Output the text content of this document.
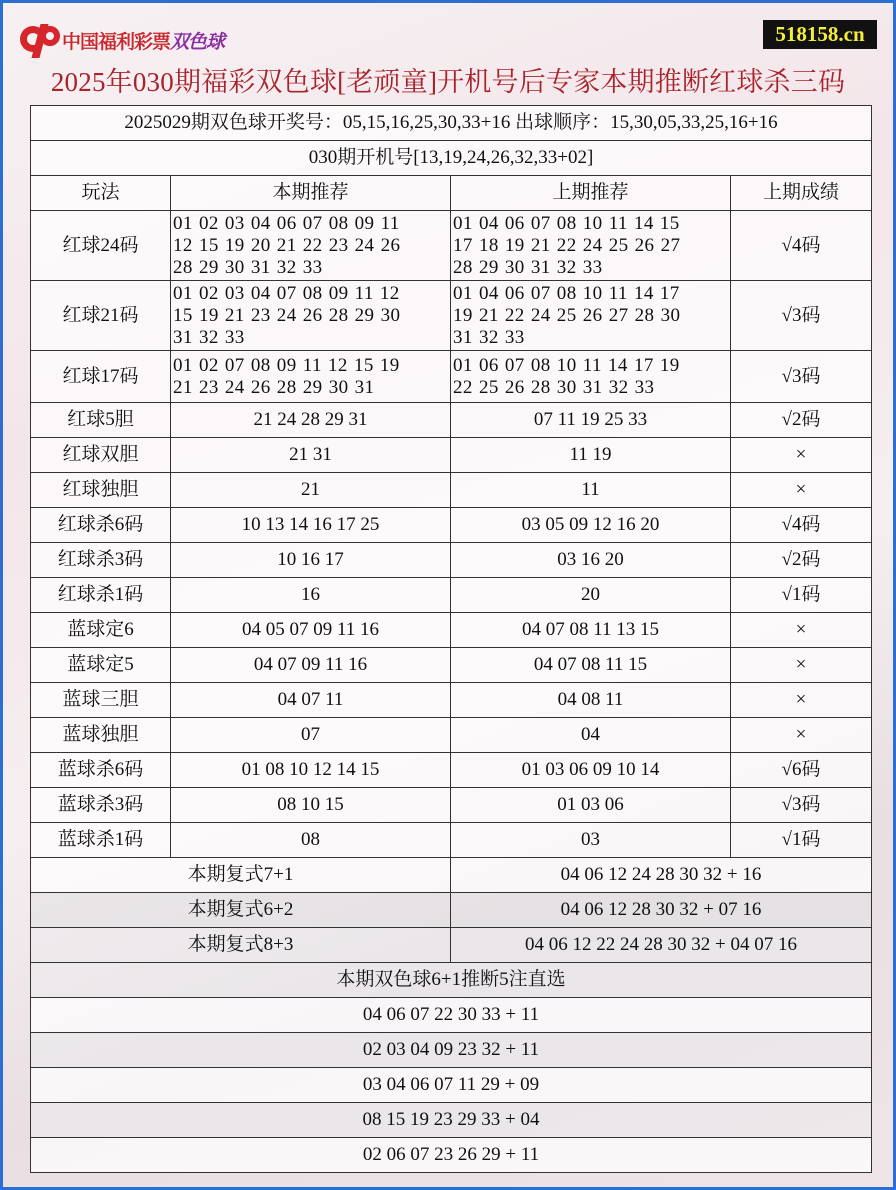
中国福利彩票双色球	518158.cn
2025年030期福彩双色球[老顽童]开机号后专家本期推断红球杀三码
2025029期双色球开奖号：05,15,16,25,30,33+16 出球顺序：15,30,05,33,25,16+16			
030期开机号[13,19,24,26,32,33+02]			
玩法	本期推荐	上期推荐	上期成绩
红球24码	01 02 03 04 06 07 08 09 11
12 15 19 20 21 22 23 24 26
28 29 30 31 32 33	01 04 06 07 08 10 11 14 15
17 18 19 21 22 24 25 26 27
28 29 30 31 32 33	√4码
红球21码	01 02 03 04 07 08 09 11 12
15 19 21 23 24 26 28 29 30
31 32 33	01 04 06 07 08 10 11 14 17
19 21 22 24 25 26 27 28 30
31 32 33	√3码
红球17码	01 02 07 08 09 11 12 15 19
21 23 24 26 28 29 30 31	01 06 07 08 10 11 14 17 19
22 25 26 28 30 31 32 33	√3码
红球5胆	21 24 28 29 31	07 11 19 25 33	√2码
红球双胆	21 31	11 19	×
红球独胆	21	11	×
红球杀6码	10 13 14 16 17 25	03 05 09 12 16 20	√4码
红球杀3码	10 16 17	03 16 20	√2码
红球杀1码	16	20	√1码
蓝球定6	04 05 07 09 11 16	04 07 08 11 13 15	×
蓝球定5	04 07 09 11 16	04 07 08 11 15	×
蓝球三胆	04 07 11	04 08 11	×
蓝球独胆	07	04	×
蓝球杀6码	01 08 10 12 14 15	01 03 06 09 10 14	√6码
蓝球杀3码	08 10 15	01 03 06	√3码
蓝球杀1码	08	03	√1码
本期复式7+1		04 06 12 24 28 30 32 + 16	
本期复式6+2		04 06 12 28 30 32 + 07 16	
本期复式8+3		04 06 12 22 24 28 30 32 + 04 07 16	
本期双色球6+1推断5注直选			
04 06 07 22 30 33 + 11			
02 03 04 09 23 32 + 11			
03 04 06 07 11 29 + 09			
08 15 19 23 29 33 + 04			
02 06 07 23 26 29 + 11			
